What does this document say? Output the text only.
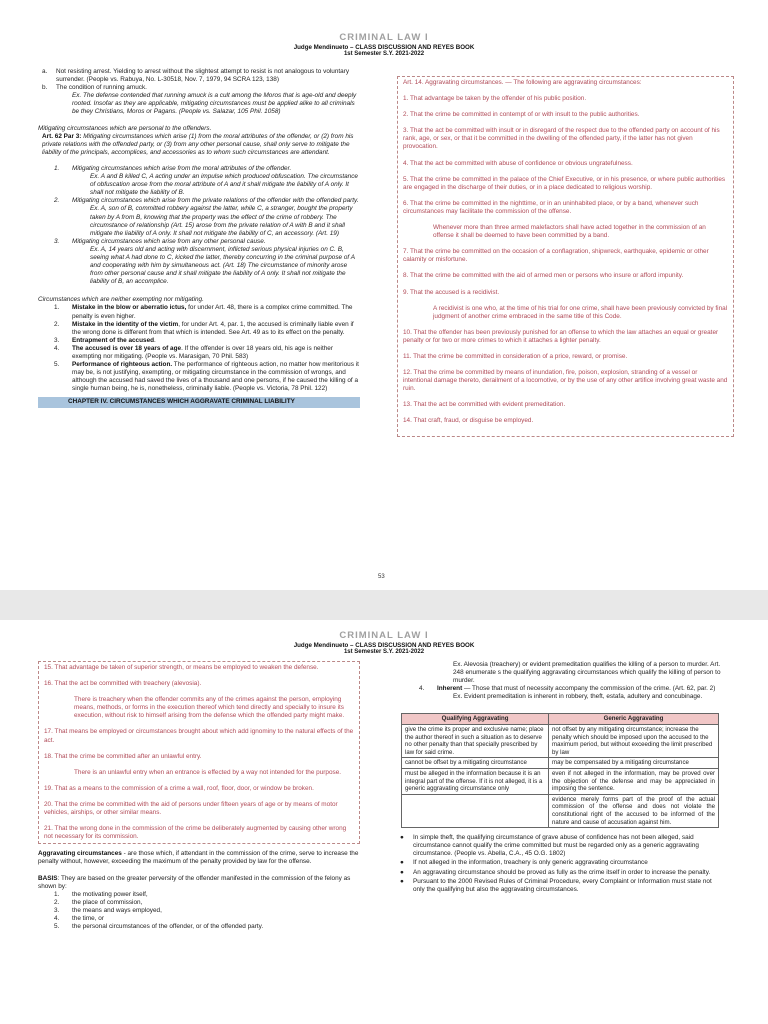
CRIMINAL LAW I
Judge Mendinueto – CLASS DISCUSSION AND REYES BOOK
1st Semester S.Y. 2021-2022
a. Not resisting arrest. Yielding to arrest without the slightest attempt to resist is not analogous to voluntary surrender. (People vs. Rabuya, No. L-30518, Nov. 7, 1979, 94 SCRA 123, 138)
b. The condition of running amuck.
Ex. The defense contended that running amuck is a cult among the Moros that is age-old and deeply rooted. Insofar as they are applicable, mitigating circumstances must be applied alike to all criminals be they Christians, Moros or Pagans. (People vs. Salazar, 105 Phil. 1058)
Mitigating circumstances which are personal to the offenders.
Art. 62 Par 3: Mitigating circumstances which arise (1) from the moral attributes of the offender, or (2) from his private relations with the offended party, or (3) from any other personal cause, shall only serve to mitigate the liability of the principals, accomplices, and accessories as to whom such circumstances are attendant.
1. Mitigating circumstances which arise from the moral attributes of the offender.
Ex. A and B killed C, A acting under an impulse which produced obfuscation. The circumstance of obfuscation arose from the moral attribute of A and it shall mitigate the liability of A only. It shall not mitigate the liability of B.
2. Mitigating circumstances which arise from the private relations of the offender with the offended party.
Ex. A, son of B, committed robbery against the latter, while C, a stranger, bought the property taken by A from B, knowing that the property was the effect of the crime of robbery. The circumstance of relationship (Art. 15) arose from the private relation of A with B and it shall mitigate the liability of A only. It shall not mitigate the liability of C, an accessory. (Art. 19)
3. Mitigating circumstances which arise from any other personal cause.
Ex. A, 14 years old and acting with discernment, inflicted serious physical injuries on C. B, seeing what A had done to C, kicked the latter, thereby concurring in the criminal purpose of A and cooperating with him by simultaneous act. (Art. 18) The circumstance of minority arose from other personal cause and it shall mitigate the liability of A only. It shall not mitigate the liability of B, an accomplice.
Circumstances which are neither exempting nor mitigating.
1. Mistake in the blow or aberratio ictus, for under Art. 48, there is a complex crime committed. The penalty is even higher.
2. Mistake in the identity of the victim, for under Art. 4, par. 1, the accused is criminally liable even if the wrong done is different from that which is intended. See Art. 49 as to its effect on the penalty.
3. Entrapment of the accused.
4. The accused is over 18 years of age. If the offender is over 18 years old, his age is neither exempting nor mitigating. (People vs. Marasigan, 70 Phil. 583)
5. Performance of righteous action. The performance of righteous action, no matter how meritorious it may be, is not justifying, exempting, or mitigating circumstance in the commission of wrongs, and although the accused had saved the lives of a thousand and one persons, if he caused the killing of a single human being, he is, nonetheless, criminally liable. (People vs. Victoria, 78 Phil. 122)
CHAPTER IV. CIRCUMSTANCES WHICH AGGRAVATE CRIMINAL LIABILITY

Art. 14. Aggravating circumstances. — The following are aggravating circumstances:

1. That advantage be taken by the offender of his public position.

2. That the crime be committed in contempt of or with insult to the public authorities.

3. That the act be committed with insult or in disregard of the respect due to the offended party on account of his rank, age, or sex, or that it be committed in the dwelling of the offended party, if the latter has not given provocation.

4. That the act be committed with abuse of confidence or obvious ungratefulness.

5. That the crime be committed in the palace of the Chief Executive, or in his presence, or where public authorities are engaged in the discharge of their duties, or in a place dedicated to religious worship.

6. That the crime be committed in the nighttime, or in an uninhabited place, or by a band, whenever such circumstances may facilitate the commission of the offense.

Whenever more than three armed malefactors shall have acted together in the commission of an offense it shall be deemed to have been committed by a band.

7. That the crime be committed on the occasion of a conflagration, shipwreck, earthquake, epidemic or other calamity or misfortune.

8. That the crime be committed with the aid of armed men or persons who insure or afford impunity.

9. That the accused is a recidivist.

A recidivist is one who, at the time of his trial for one crime, shall have been previously convicted by final judgment of another crime embraced in the same title of this Code.

10. That the offender has been previously punished for an offense to which the law attaches an equal or greater penalty or for two or more crimes to which it attaches a lighter penalty.

11. That the crime be committed in consideration of a price, reward, or promise.

12. That the crime be committed by means of inundation, fire, poison, explosion, stranding of a vessel or intentional damage thereto, derailment of a locomotive, or by the use of any other artifice involving great waste and ruin.

13. That the act be committed with evident premeditation.

14. That craft, fraud, or disguise be employed.

53
CRIMINAL LAW I
Judge Mendinueto – CLASS DISCUSSION AND REYES BOOK
1st Semester S.Y. 2021-2022

15. That advantage be taken of superior strength, or means be employed to weaken the defense.

16. That the act be committed with treachery (alevosia).

There is treachery when the offender commits any of the crimes against the person, employing means, methods, or forms in the execution thereof which tend directly and specially to insure its execution, without risk to himself arising from the defense which the offended party might make.

17. That means be employed or circumstances brought about which add ignominy to the natural effects of the act.

18. That the crime be committed after an unlawful entry.

There is an unlawful entry when an entrance is effected by a way not intended for the purpose.

19. That as a means to the commission of a crime a wall, roof, floor, door, or window be broken.

20. That the crime be committed with the aid of persons under fifteen years of age or by means of motor vehicles, airships, or other similar means.

21. That the wrong done in the commission of the crime be deliberately augmented by causing other wrong not necessary for its commission.

Aggravating circumstances - are those which, if attendant in the commission of the crime, serve to increase the penalty without, however, exceeding the maximum of the penalty provided by law for the offense.
BASIS: They are based on the greater perversity of the offender manifested in the commission of the felony as shown by:
1. the motivating power itself,
2. the place of commission,
3. the means and ways employed,
4. the time, or
5. the personal circumstances of the offender, or of the offended party.
Ex. Alevosia (treachery) or evident premeditation qualifies the killing of a person to murder. Art. 248 enumerate s the qualifying aggravating circumstances which qualify the killing of person to murder.
4. Inherent — Those that must of necessity accompany the commission of the crime. (Art. 62, par. 2)
Ex. Evident premeditation is inherent in robbery, theft, estafa, adultery and concubinage.
Qualifying Aggravating	Generic Aggravating
give the crime its proper and exclusive name; place the author thereof in such a situation as to deserve no other penalty than that specially prescribed by law for said crime.	not offset by any mitigating circumstance; increase the penalty which should be imposed upon the accused to the maximum period, but without exceeding the limit prescribed by law
cannot be offset by a mitigating circumstance	may be compensated by a mitigating circumstance
must be alleged in the information because it is an integral part of the offense. If it is not alleged, it is a generic aggravating circumstance only	even if not alleged in the information, may be proved over the objection of the defense and may be appreciated in imposing the sentence.
	evidence merely forms part of the proof of the actual commission of the offense and does not violate the constitutional right of the accused to be informed of the nature and cause of accusation against him.
● In simple theft, the qualifying circumstance of grave abuse of confidence has not been alleged, said circumstance cannot qualify the crime committed but must be regarded only as a generic aggravating circumstance. (People vs. Abella, C.A., 45 O.G. 1802)
● If not alleged in the information, treachery is only generic aggravating circumstance
● An aggravating circumstance should be proved as fully as the crime itself in order to increase the penalty.
● Pursuant to the 2000 Revised Rules of Criminal Procedure, every Complaint or Information must state not only the qualifying but also the aggravating circumstances.
